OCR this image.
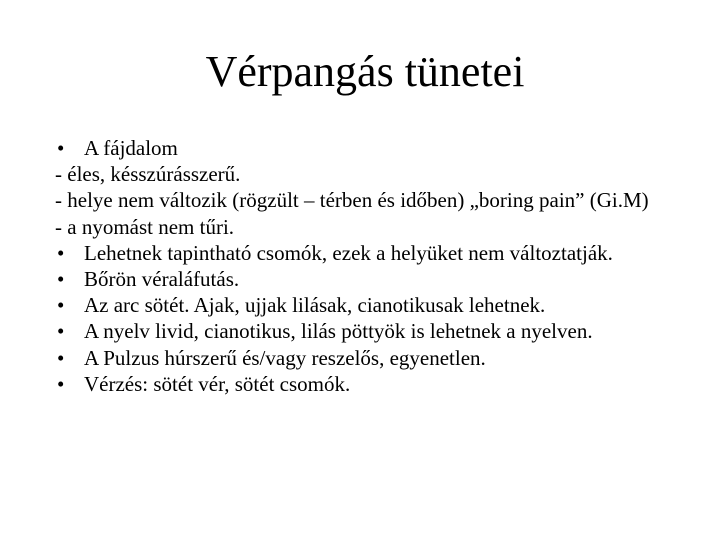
Vérpangás tünetei
• A fájdalom
- éles, késszúrásszerű.
- helye nem változik (rögzült – térben és időben) „boring pain” (Gi.M)
- a nyomást nem tűri.
• Lehetnek tapintható csomók, ezek a helyüket nem változtatják.
• Bőrön véraláfutás.
• Az arc sötét. Ajak, ujjak lilásak, cianotikusak lehetnek.
• A nyelv livid, cianotikus, lilás pöttyök is lehetnek a nyelven.
• A Pulzus húrszerű és/vagy reszelős, egyenetlen.
• Vérzés: sötét vér, sötét csomók.
